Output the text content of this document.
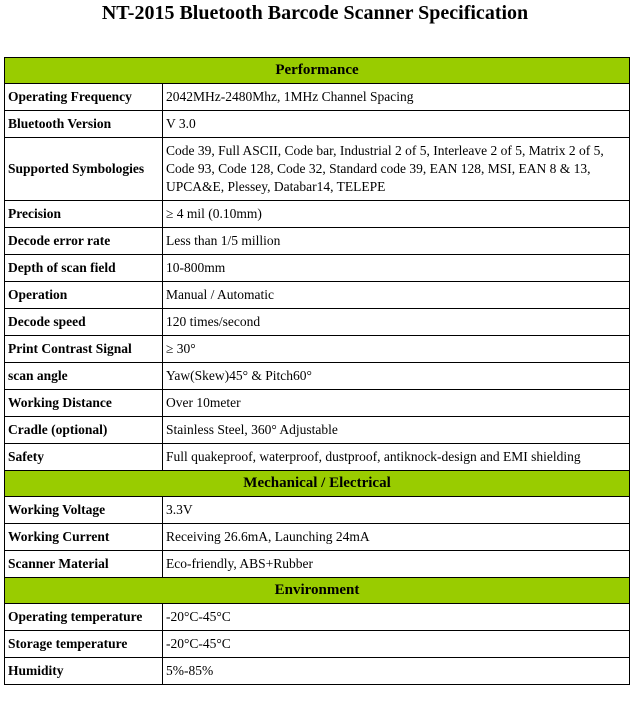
NT-2015 Bluetooth Barcode Scanner Specification
Performance	
Operating Frequency	2042MHz-2480Mhz, 1MHz Channel Spacing
Bluetooth Version	V 3.0
Supported Symbologies	Code 39, Full ASCII, Code bar, Industrial 2 of 5, Interleave 2 of 5, Matrix 2 of 5, Code 93, Code 128, Code 32, Standard code 39, EAN 128, MSI, EAN 8 & 13, UPCA&E, Plessey, Databar14, TELEPE
Precision	≥ 4 mil (0.10mm)
Decode error rate	Less than 1/5 million
Depth of scan field	10-800mm
Operation	Manual / Automatic
Decode speed	120 times/second
Print Contrast Signal	≥ 30°
scan angle	Yaw(Skew)45° & Pitch60°
Working Distance	Over 10meter
Cradle (optional)	Stainless Steel, 360° Adjustable
Safety	Full quakeproof, waterproof, dustproof, antiknock-design and EMI shielding
Mechanical / Electrical	
Working Voltage	3.3V
Working Current	Receiving 26.6mA, Launching 24mA
Scanner Material	Eco-friendly, ABS+Rubber
Environment	
Operating temperature	-20°C-45°C
Storage temperature	-20°C-45°C
Humidity	5%-85%
